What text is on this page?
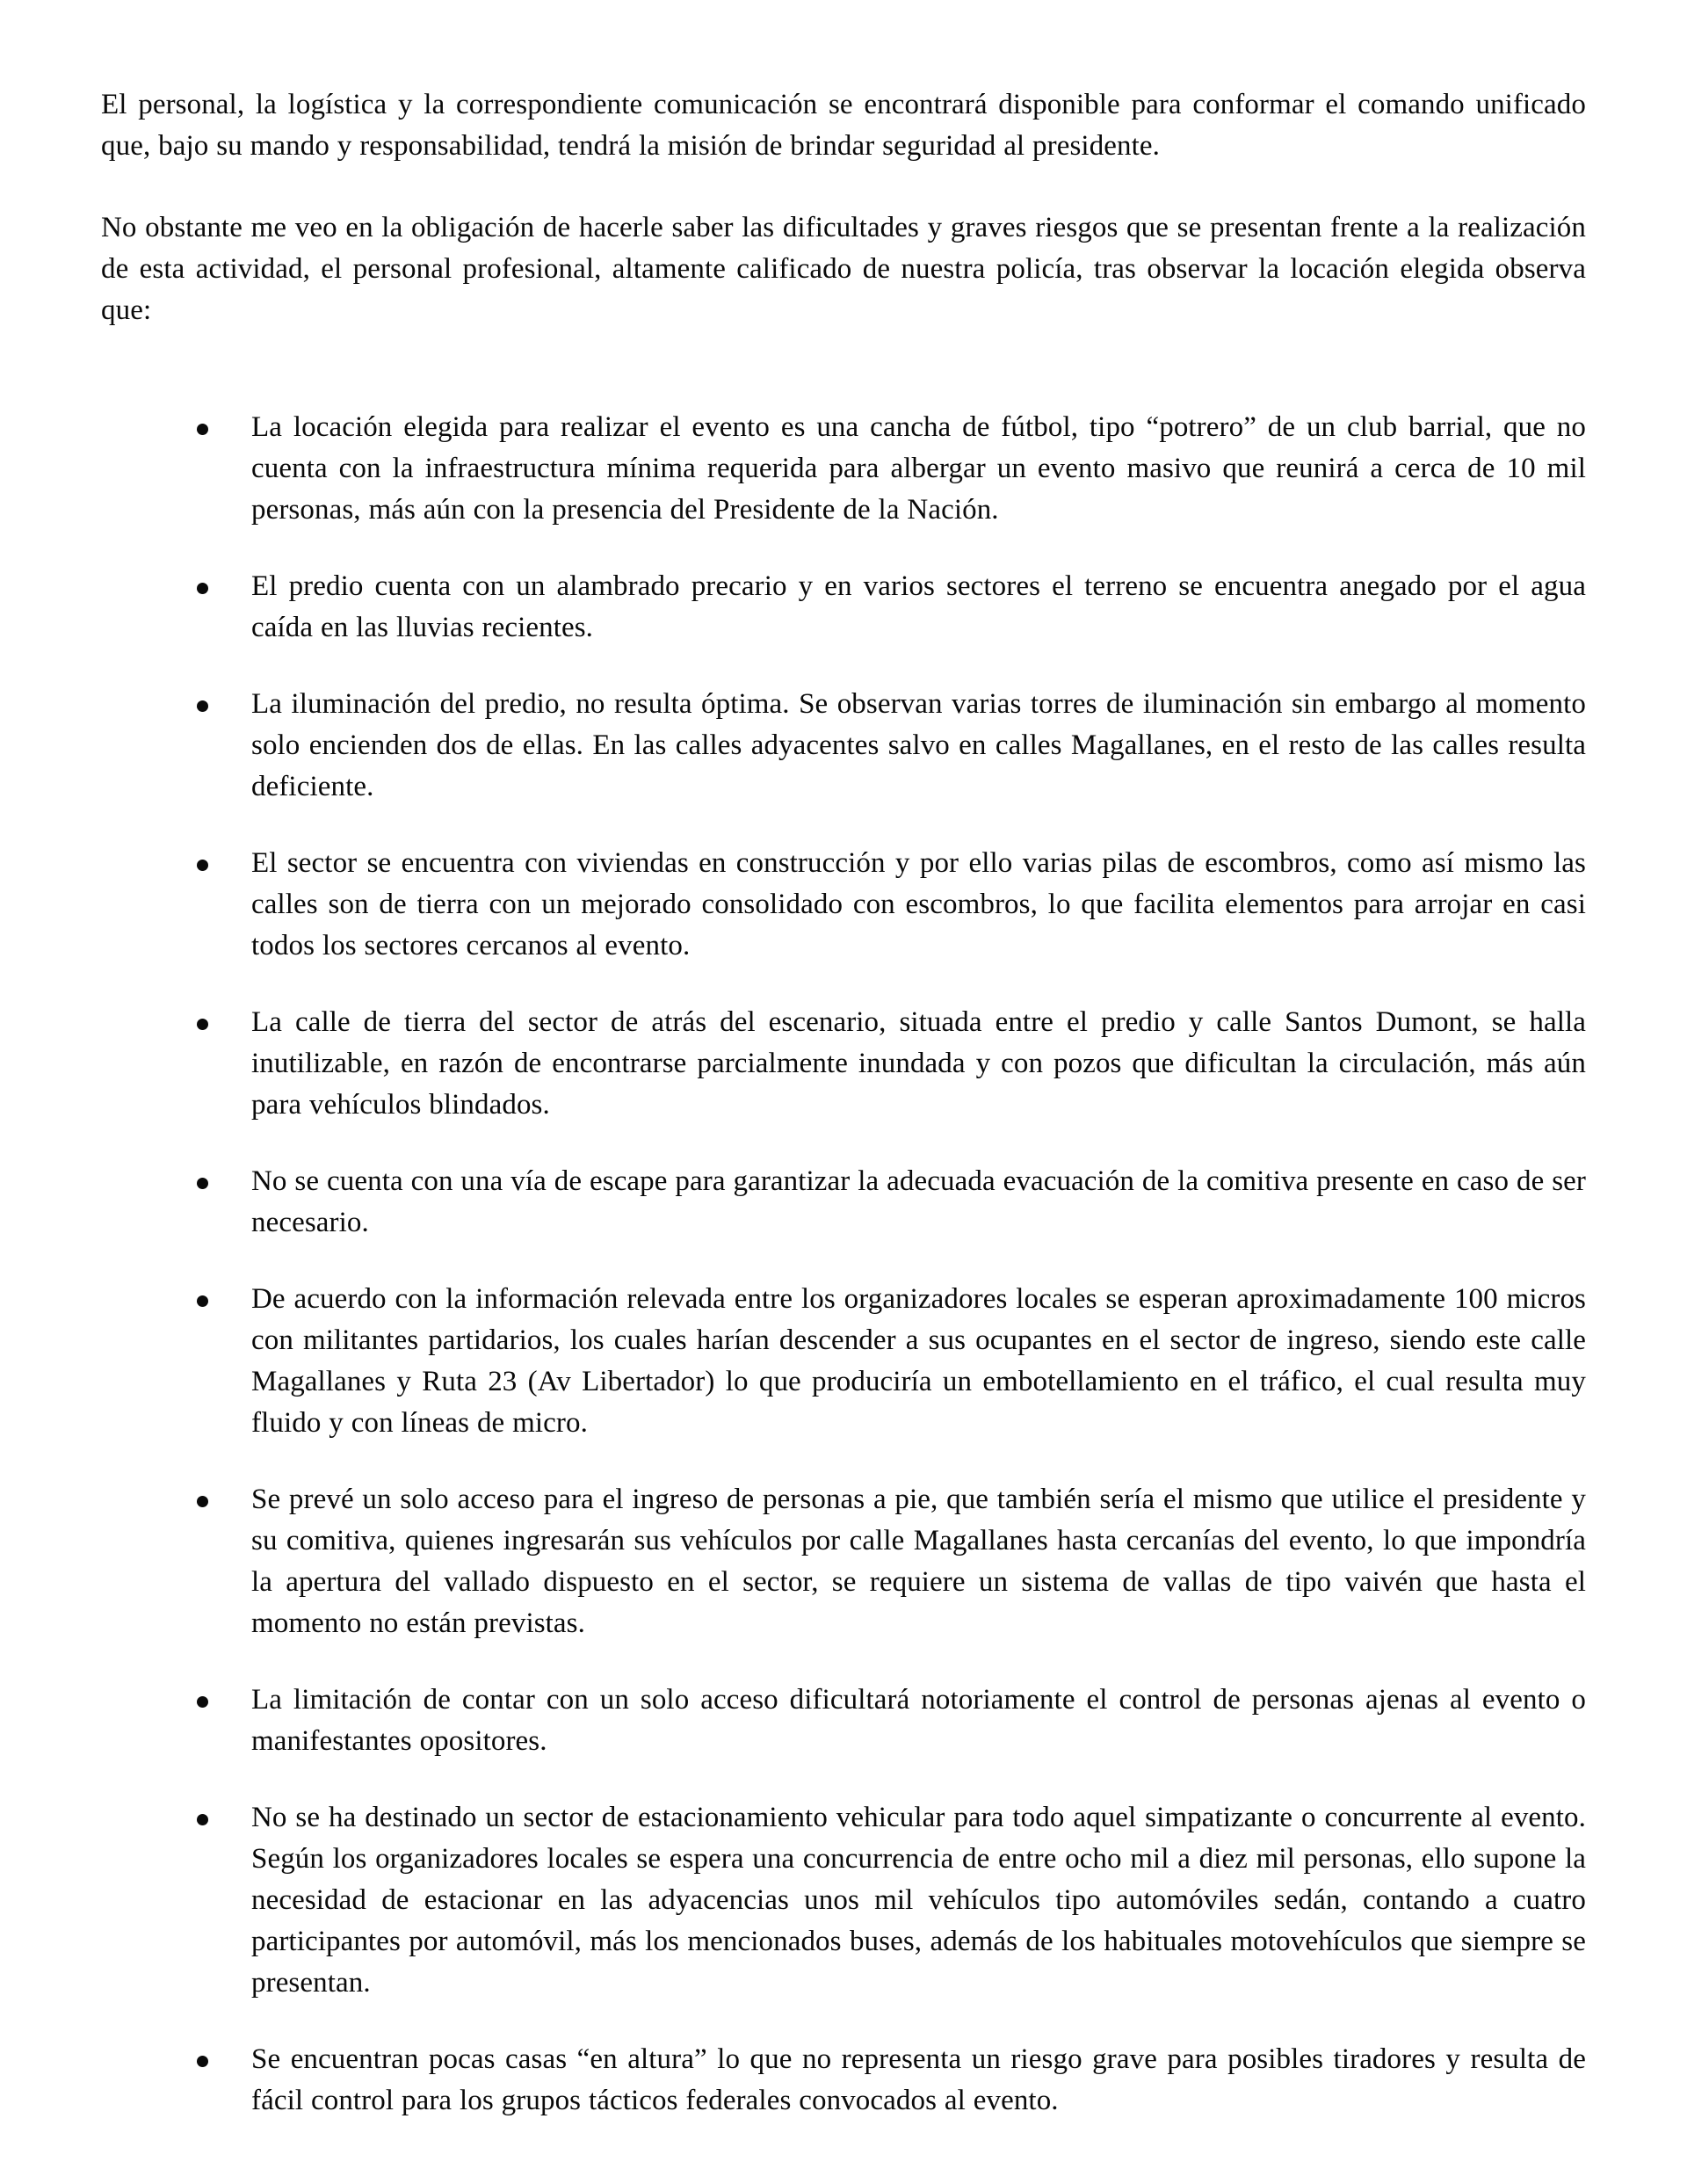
El personal, la logística y la correspondiente comunicación se encontrará disponible para conformar el comando unificado que, bajo su mando y responsabilidad, tendrá la misión de brindar seguridad al presidente.

No obstante me veo en la obligación de hacerle saber las dificultades y graves riesgos que se presentan frente a la realización de esta actividad, el personal profesional, altamente calificado de nuestra policía, tras observar la locación elegida observa que:

La locación elegida para realizar el evento es una cancha de fútbol, tipo “potrero” de un club barrial, que no cuenta con la infraestructura mínima requerida para albergar un evento masivo que reunirá a cerca de 10 mil personas, más aún con la presencia del Presidente de la Nación.
El predio cuenta con un alambrado precario y en varios sectores el terreno se encuentra anegado por el agua caída en las lluvias recientes.
La iluminación del predio, no resulta óptima. Se observan varias torres de iluminación sin embargo al momento solo encienden dos de ellas. En las calles adyacentes salvo en calles Magallanes, en el resto de las calles resulta deficiente.
El sector se encuentra con viviendas en construcción y por ello varias pilas de escombros, como así mismo las calles son de tierra con un mejorado consolidado con escombros, lo que facilita elementos para arrojar en casi todos los sectores cercanos al evento.
La calle de tierra del sector de atrás del escenario, situada entre el predio y calle Santos Dumont, se halla inutilizable, en razón de encontrarse parcialmente inundada y con pozos que dificultan la circulación, más aún para vehículos blindados.
No se cuenta con una vía de escape para garantizar la adecuada evacuación de la comitiva presente en caso de ser necesario.
De acuerdo con la información relevada entre los organizadores locales se esperan aproximadamente 100 micros con militantes partidarios, los cuales harían descender a sus ocupantes en el sector de ingreso, siendo este calle Magallanes y Ruta 23 (Av Libertador) lo que produciría un embotellamiento en el tráfico, el cual resulta muy fluido y con líneas de micro.
Se prevé un solo acceso para el ingreso de personas a pie, que también sería el mismo que utilice el presidente y su comitiva, quienes ingresarán sus vehículos por calle Magallanes hasta cercanías del evento, lo que impondría la apertura del vallado dispuesto en el sector, se requiere un sistema de vallas de tipo vaivén que hasta el momento no están previstas.
La limitación de contar con un solo acceso dificultará notoriamente el control de personas ajenas al evento o manifestantes opositores.
No se ha destinado un sector de estacionamiento vehicular para todo aquel simpatizante o concurrente al evento. Según los organizadores locales se espera una concurrencia de entre ocho mil a diez mil personas, ello supone la necesidad de estacionar en las adyacencias unos mil vehículos tipo automóviles sedán, contando a cuatro participantes por automóvil, más los mencionados buses, además de los habituales motovehículos que siempre se presentan.
Se encuentran pocas casas “en altura” lo que no representa un riesgo grave para posibles tiradores y resulta de fácil control para los grupos tácticos federales convocados al evento.
